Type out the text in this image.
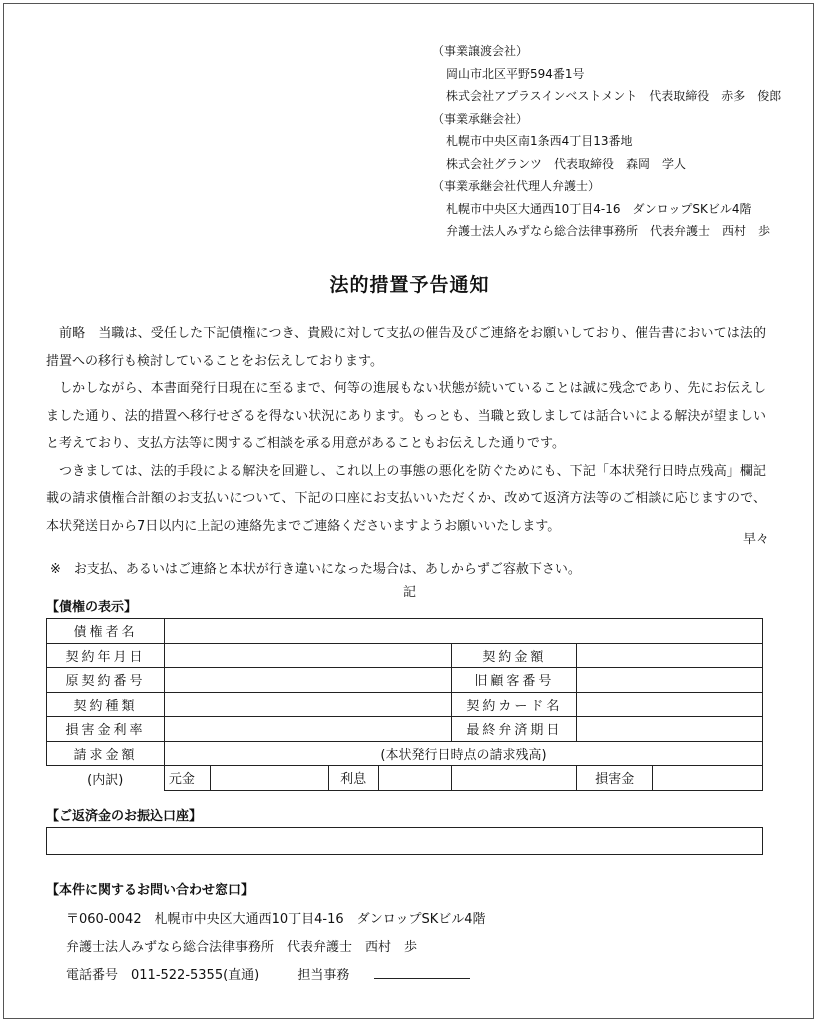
（事業譲渡会社）
岡山市北区平野594番1号
株式会社アプラスインベストメント　代表取締役　赤多　俊郎
（事業承継会社）
札幌市中央区南1条西4丁目13番地
株式会社グランツ　代表取締役　森岡　学人
（事業承継会社代理人弁護士）
札幌市中央区大通西10丁目4-16　ダンロップSKビル4階
弁護士法人みずなら総合法律事務所　代表弁護士　西村　歩
法的措置予告通知

前略　当職は、受任した下記債権につき、貴殿に対して支払の催告及びご連絡をお願いしており、催告書においては法的措置への移行も検討していることをお伝えしております。

しかしながら、本書面発行日現在に至るまで、何等の進展もない状態が続いていることは誠に残念であり、先にお伝えしました通り、法的措置へ移行せざるを得ない状況にあります。もっとも、当職と致しましては話合いによる解決が望ましいと考えており、支払方法等に関するご相談を承る用意があることもお伝えした通りです。

つきましては、法的手段による解決を回避し、これ以上の事態の悪化を防ぐためにも、下記「本状発行日時点残高」欄記載の請求債権合計額のお支払いについて、下記の口座にお支払いいただくか、改めて返済方法等のご相談に応じますので、本状発送日から7日以内に上記の連絡先までご連絡くださいますようお願いいたします。

早々
※　お支払、あるいはご連絡と本状が行き違いになった場合は、あしからずご容赦下さい。
記
【債権の表示】
債権者名							
契約年月日					契約金額		
原契約番号					旧顧客番号		
契約種類					契約カード名		
損害金利率					最終弁済期日		
請求金額	(本状発行日時点の請求残高)						
(内訳)	元金		利息			損害金	
【ご返済金のお振込口座】
【本件に関するお問い合わせ窓口】
〒060-0042　札幌市中央区大通西10丁目4-16　ダンロップSKビル4階
弁護士法人みずなら総合法律事務所　代表弁護士　西村　歩
電話番号　011-522-5355(直通)	担当事務
